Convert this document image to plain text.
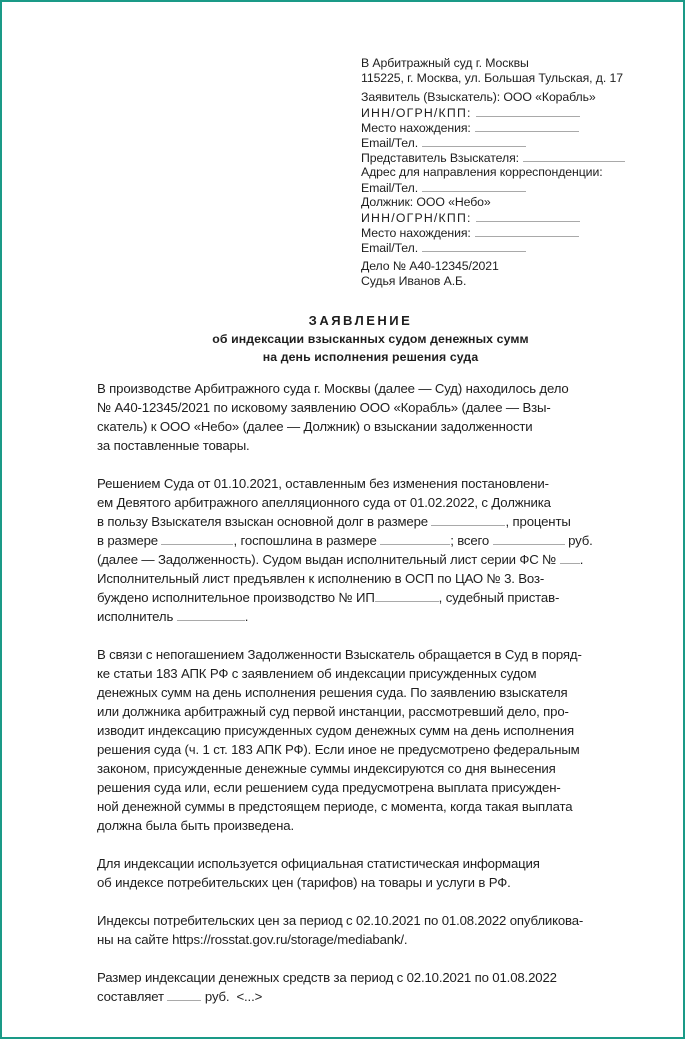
В Арбитражный суд г. Москвы
115225, г. Москва, ул. Большая Тульская, д. 17
Заявитель (Взыскатель): ООО «Корабль»
ИНН/ОГРН/КПП:
Место нахождения:
Email/Тел.
Представитель Взыскателя:
Адрес для направления корреспонденции:
Email/Тел.
Должник: ООО «Небо»
ИНН/ОГРН/КПП:
Место нахождения:
Email/Тел.
Дело № А40-12345/2021
Судья Иванов А.Б.
ЗАЯВЛЕНИЕ
об индексации взысканных судом денежных сумм
на день исполнения решения суда
В производстве Арбитражного суда г. Москвы (далее — Суд) находилось дело
№ А40-12345/2021 по исковому заявлению ООО «Корабль» (далее — Взы-
скатель) к ООО «Небо» (далее — Должник) о взыскании задолженности
за поставленные товары.
Решением Суда от 01.10.2021, оставленным без изменения постановлени-
ем Девятого арбитражного апелляционного суда от 01.02.2022, с Должника
в пользу Взыскателя взыскан основной долг в размере	, проценты
в размере	, госпошлина в размере	; всего	руб.
(далее — Задолженность). Судом выдан исполнительный лист серии ФС № .
Исполнительный лист предъявлен к исполнению в ОСП по ЦАО № 3. Воз-
буждено исполнительное производство № ИП	, судебный пристав-
исполнитель	.
В связи с непогашением Задолженности Взыскатель обращается в Суд в поряд-
ке статьи 183 АПК РФ с заявлением об индексации присужденных судом
денежных сумм на день исполнения решения суда. По заявлению взыскателя
или должника арбитражный суд первой инстанции, рассмотревший дело, про-
изводит индексацию присужденных судом денежных сумм на день исполнения
решения суда (ч. 1 ст. 183 АПК РФ). Если иное не предусмотрено федеральным
законом, присужденные денежные суммы индексируются со дня вынесения
решения суда или, если решением суда предусмотрена выплата присужден-
ной денежной суммы в предстоящем периоде, с момента, когда такая выплата
должна была быть произведена.
Для индексации используется официальная статистическая информация
об индексе потребительских цен (тарифов) на товары и услуги в РФ.
Индексы потребительских цен за период с 02.10.2021 по 01.08.2022 опубликова-
ны на сайте https://rosstat.gov.ru/storage/mediabank/.
Размер индексации денежных средств за период с 02.10.2021 по 01.08.2022
составляет	руб. <...>
